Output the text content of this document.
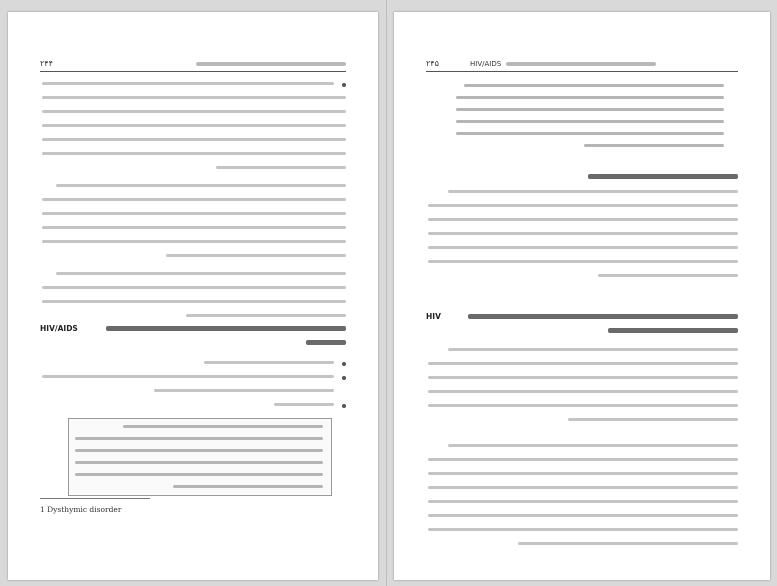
۲۴۴
HIV/AIDS
1 Dysthymic disorder
HIV/AIDS
۲۴۵
HIV
